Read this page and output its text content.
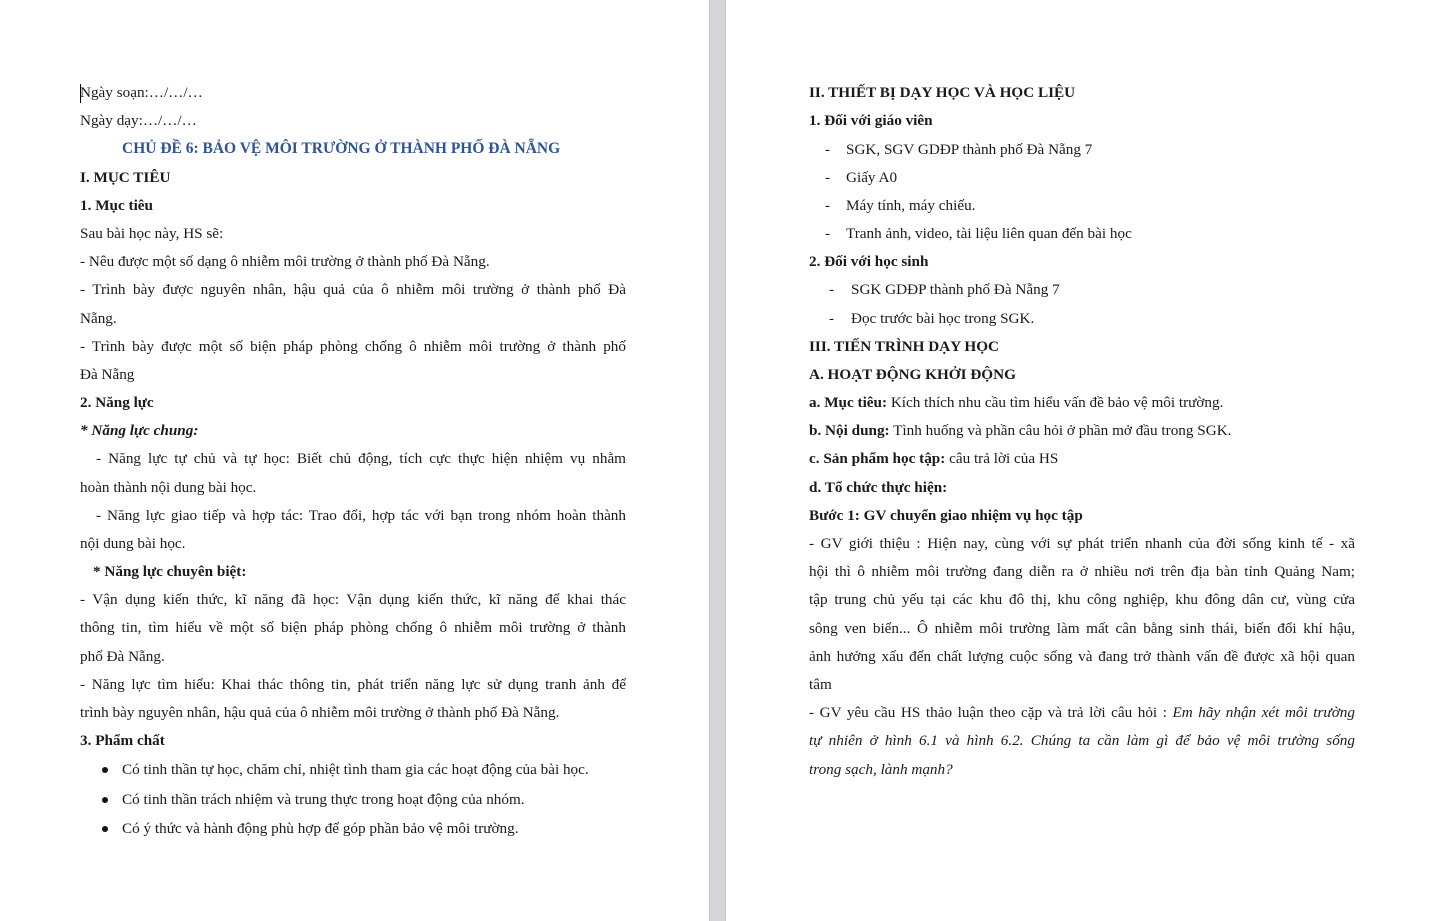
Ngày soạn:…/…/…
Ngày dạy:…/…/…
CHỦ ĐỀ 6: BẢO VỆ MÔI TRƯỜNG Ở THÀNH PHỐ ĐÀ NẴNG
I. MỤC TIÊU
1. Mục tiêu
Sau bài học này, HS sẽ:
- Nêu được một số dạng ô nhiễm môi trường ở thành phố Đà Nẵng.
- Trình bày được nguyên nhân, hậu quả của ô nhiễm môi trường ở thành phố Đà
Nẵng.
- Trình bày được một số biện pháp phòng chống ô nhiễm môi trường ở thành phố
Đà Nẵng
2. Năng lực
* Năng lực chung:
- Năng lực tự chủ và tự học: Biết chủ động, tích cực thực hiện nhiệm vụ nhằm
hoàn thành nội dung bài học.
- Năng lực giao tiếp và hợp tác: Trao đổi, hợp tác với bạn trong nhóm hoàn thành
nội dung bài học.
* Năng lực chuyên biệt:
- Vận dụng kiến thức, kĩ năng đã học: Vận dụng kiến thức, kĩ năng để khai thác
thông tin, tìm hiểu về một số biện pháp phòng chống ô nhiễm môi trường ở thành
phố Đà Nẵng.
- Năng lực tìm hiểu: Khai thác thông tin, phát triển năng lực sử dụng tranh ảnh để
trình bày nguyên nhân, hậu quả của ô nhiễm môi trường ở thành phố Đà Nẵng.
3. Phẩm chất
Có tinh thần tự học, chăm chỉ, nhiệt tình tham gia các hoạt động của bài học.
Có tinh thần trách nhiệm và trung thực trong hoạt động của nhóm.
Có ý thức và hành động phù hợp để góp phần bảo vệ môi trường.
II. THIẾT BỊ DẠY HỌC VÀ HỌC LIỆU
1. Đối với giáo viên
- SGK, SGV GDĐP thành phố Đà Nẵng 7
- Giấy A0
- Máy tính, máy chiếu.
- Tranh ảnh, video, tài liệu liên quan đến bài học
2. Đối với học sinh
- SGK GDĐP thành phố Đà Nẵng 7
- Đọc trước bài học trong SGK.
III. TIẾN TRÌNH DẠY HỌC
A. HOẠT ĐỘNG KHỞI ĐỘNG
a. Mục tiêu: Kích thích nhu cầu tìm hiểu vấn đề bảo vệ môi trường.
b. Nội dung: Tình huống và phần câu hỏi ở phần mở đầu trong SGK.
c. Sản phẩm học tập: câu trả lời của HS
d. Tổ chức thực hiện:
Bước 1: GV chuyển giao nhiệm vụ học tập
- GV giới thiệu : Hiện nay, cùng với sự phát triển nhanh của đời sống kinh tế - xã
hội thì ô nhiễm môi trường đang diễn ra ở nhiều nơi trên địa bàn tỉnh Quảng Nam;
tập trung chủ yếu tại các khu đô thị, khu công nghiệp, khu đông dân cư, vùng cửa
sông ven biển... Ô nhiễm môi trường làm mất cân bằng sinh thái, biến đổi khí hậu,
ảnh hưởng xấu đến chất lượng cuộc sống và đang trở thành vấn đề được xã hội quan
tâm
- GV yêu cầu HS thảo luận theo cặp và trả lời câu hỏi : Em hãy nhận xét môi trường
tự nhiên ở hình 6.1 và hình 6.2. Chúng ta cần làm gì để bảo vệ môi trường sống
trong sạch, lành mạnh?
